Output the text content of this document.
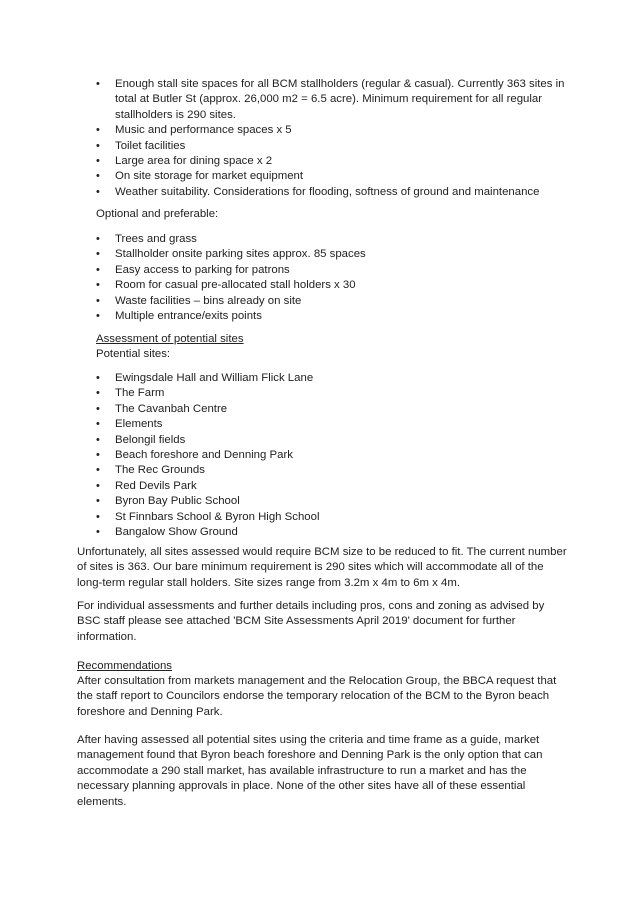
• Enough stall site spaces for all BCM stallholders (regular & casual). Currently 363 sites in total at Butler St (approx. 26,000 m2 = 6.5 acre). Minimum requirement for all regular stallholders is 290 sites.
• Music and performance spaces x 5
• Toilet facilities
• Large area for dining space x 2
• On site storage for market equipment
• Weather suitability. Considerations for flooding, softness of ground and maintenance
Optional and preferable:
• Trees and grass
• Stallholder onsite parking sites approx. 85 spaces
• Easy access to parking for patrons
• Room for casual pre-allocated stall holders x 30
• Waste facilities – bins already on site
• Multiple entrance/exits points
Assessment of potential sites
Potential sites:
• Ewingsdale Hall and William Flick Lane
• The Farm
• The Cavanbah Centre
• Elements
• Belongil fields
• Beach foreshore and Denning Park
• The Rec Grounds
• Red Devils Park
• Byron Bay Public School
• St Finnbars School & Byron High School
• Bangalow Show Ground
Unfortunately, all sites assessed would require BCM size to be reduced to fit. The current number of sites is 363. Our bare minimum requirement is 290 sites which will accommodate all of the long-term regular stall holders. Site sizes range from 3.2m x 4m to 6m x 4m.
For individual assessments and further details including pros, cons and zoning as advised by BSC staff please see attached 'BCM Site Assessments April 2019' document for further information.
Recommendations
After consultation from markets management and the Relocation Group, the BBCA request that the staff report to Councilors endorse the temporary relocation of the BCM to the Byron beach foreshore and Denning Park.
After having assessed all potential sites using the criteria and time frame as a guide, market management found that Byron beach foreshore and Denning Park is the only option that can accommodate a 290 stall market, has available infrastructure to run a market and has the necessary planning approvals in place. None of the other sites have all of these essential elements.
